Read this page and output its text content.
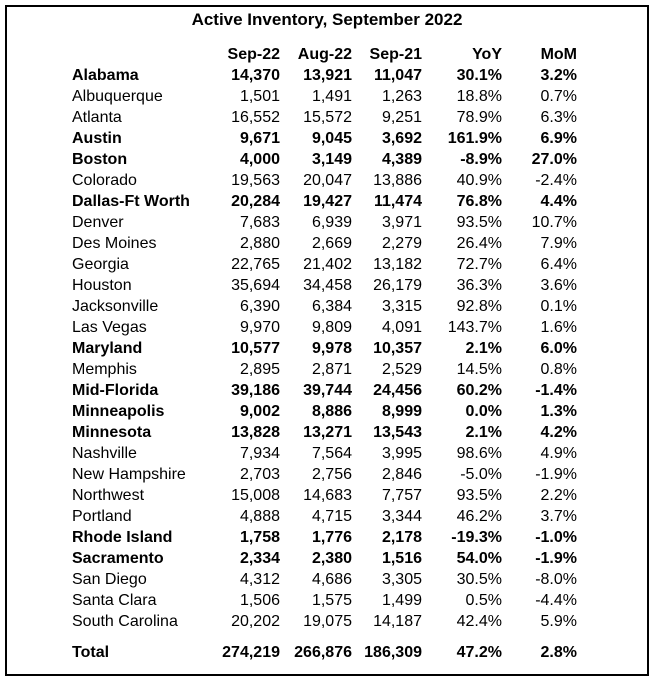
Active Inventory, September 2022
	Sep-22	Aug-22	Sep-21	YoY	MoM
Alabama	14,370	13,921	11,047	30.1%	3.2%
Albuquerque	1,501	1,491	1,263	18.8%	0.7%
Atlanta	16,552	15,572	9,251	78.9%	6.3%
Austin	9,671	9,045	3,692	161.9%	6.9%
Boston	4,000	3,149	4,389	-8.9%	27.0%
Colorado	19,563	20,047	13,886	40.9%	-2.4%
Dallas-Ft Worth	20,284	19,427	11,474	76.8%	4.4%
Denver	7,683	6,939	3,971	93.5%	10.7%
Des Moines	2,880	2,669	2,279	26.4%	7.9%
Georgia	22,765	21,402	13,182	72.7%	6.4%
Houston	35,694	34,458	26,179	36.3%	3.6%
Jacksonville	6,390	6,384	3,315	92.8%	0.1%
Las Vegas	9,970	9,809	4,091	143.7%	1.6%
Maryland	10,577	9,978	10,357	2.1%	6.0%
Memphis	2,895	2,871	2,529	14.5%	0.8%
Mid-Florida	39,186	39,744	24,456	60.2%	-1.4%
Minneapolis	9,002	8,886	8,999	0.0%	1.3%
Minnesota	13,828	13,271	13,543	2.1%	4.2%
Nashville	7,934	7,564	3,995	98.6%	4.9%
New Hampshire	2,703	2,756	2,846	-5.0%	-1.9%
Northwest	15,008	14,683	7,757	93.5%	2.2%
Portland	4,888	4,715	3,344	46.2%	3.7%
Rhode Island	1,758	1,776	2,178	-19.3%	-1.0%
Sacramento	2,334	2,380	1,516	54.0%	-1.9%
San Diego	4,312	4,686	3,305	30.5%	-8.0%
Santa Clara	1,506	1,575	1,499	0.5%	-4.4%
South Carolina	20,202	19,075	14,187	42.4%	5.9%
Total	274,219	266,876	186,309	47.2%	2.8%
